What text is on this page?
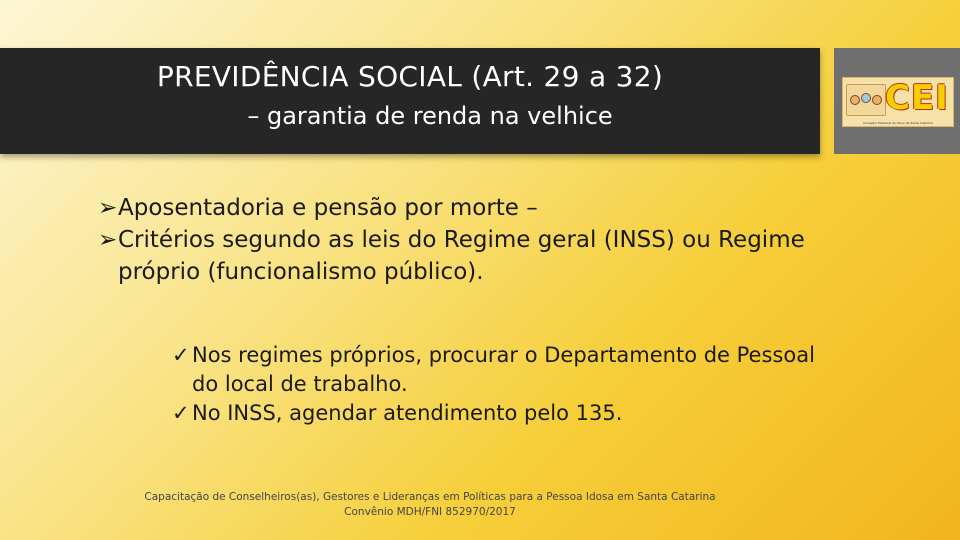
PREVIDÊNCIA SOCIAL (Art. 29 a 32)
– garantia de renda na velhice	CEI
Conselho Estadual do Idoso de Santa Catarina
➢ Aposentadoria e pensão por morte –
➢ Critérios segundo as leis do Regime geral (INSS) ou Regime próprio (funcionalismo público).
✓ Nos regimes próprios, procurar o Departamento de Pessoal do local de trabalho.
✓ No INSS, agendar atendimento pelo 135.
Capacitação de Conselheiros(as), Gestores e Lideranças em Políticas para a Pessoa Idosa em Santa Catarina
Convênio MDH/FNI 852970/2017
